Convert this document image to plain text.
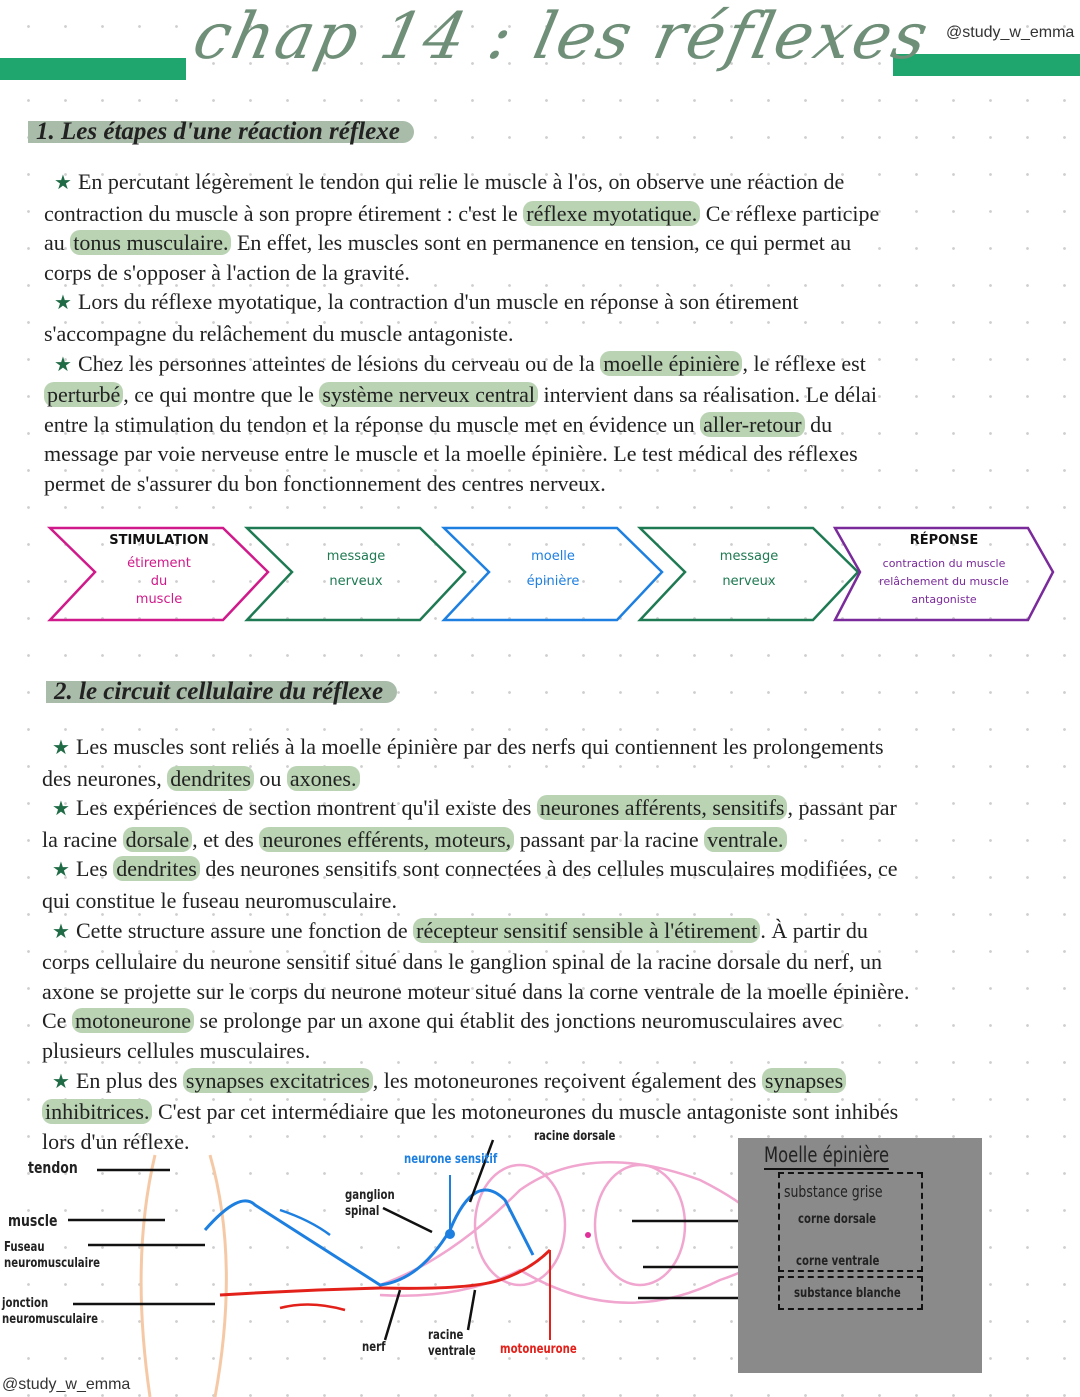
chap 14 : les réflexes @study_w_emma
1. Les étapes d'une réaction réflexe
★ En percutant légèrement le tendon qui relie le muscle à l'os, on observe une réaction de
contraction du muscle à son propre étirement : c'est le réflexe myotatique. Ce réflexe participe
au tonus musculaire. En effet, les muscles sont en permanence en tension, ce qui permet au
corps de s'opposer à l'action de la gravité.
★ Lors du réflexe myotatique, la contraction d'un muscle en réponse à son étirement
s'accompagne du relâchement du muscle antagoniste.
★ Chez les personnes atteintes de lésions du cerveau ou de la moelle épinière , le réflexe est
perturbé , ce qui montre que le système nerveux central intervient dans sa réalisation. Le délai
entre la stimulation du tendon et la réponse du muscle met en évidence un aller-retour du
message par voie nerveuse entre le muscle et la moelle épinière. Le test médical des réflexes
permet de s'assurer du bon fonctionnement des centres nerveux.
STIMULATION
étirement
du
muscle
message
nerveux
moelle
épinière
message
nerveux
RÉPONSE
contraction du muscle
relâchement du muscle
antagoniste
2. le circuit cellulaire du réflexe
★ Les muscles sont reliés à la moelle épinière par des nerfs qui contiennent les prolongements
des neurones, dendrites ou axones.
★ Les expériences de section montrent qu'il existe des neurones afférents, sensitifs , passant par
la racine dorsale , et des neurones efférents, moteurs, passant par la racine ventrale.
★ Les dendrites des neurones sensitifs sont connectées à des cellules musculaires modifiées, ce
qui constitue le fuseau neuromusculaire.
★ Cette structure assure une fonction de récepteur sensitif sensible à l'étirement . À partir du
corps cellulaire du neurone sensitif situé dans le ganglion spinal de la racine dorsale du nerf, un
axone se projette sur le corps du neurone moteur situé dans la corne ventrale de la moelle épinière.
Ce motoneurone se prolonge par un axone qui établit des jonctions neuromusculaires avec
plusieurs cellules musculaires.
★ En plus des synapses excitatrices , les motoneurones reçoivent également des synapses
inhibitrices. C'est par cet intermédiaire que les motoneurones du muscle antagoniste sont inhibés
lors d'un réflexe.
tendon
muscle
Fuseau neuromusculaire
jonction neuromusculaire
ganglion spinal
neurone sensitif
racine dorsale
nerf
racine ventrale motoneurone
Moelle épinière
substance grise
corne dorsale
corne ventrale
substance blanche
@study_w_emma
